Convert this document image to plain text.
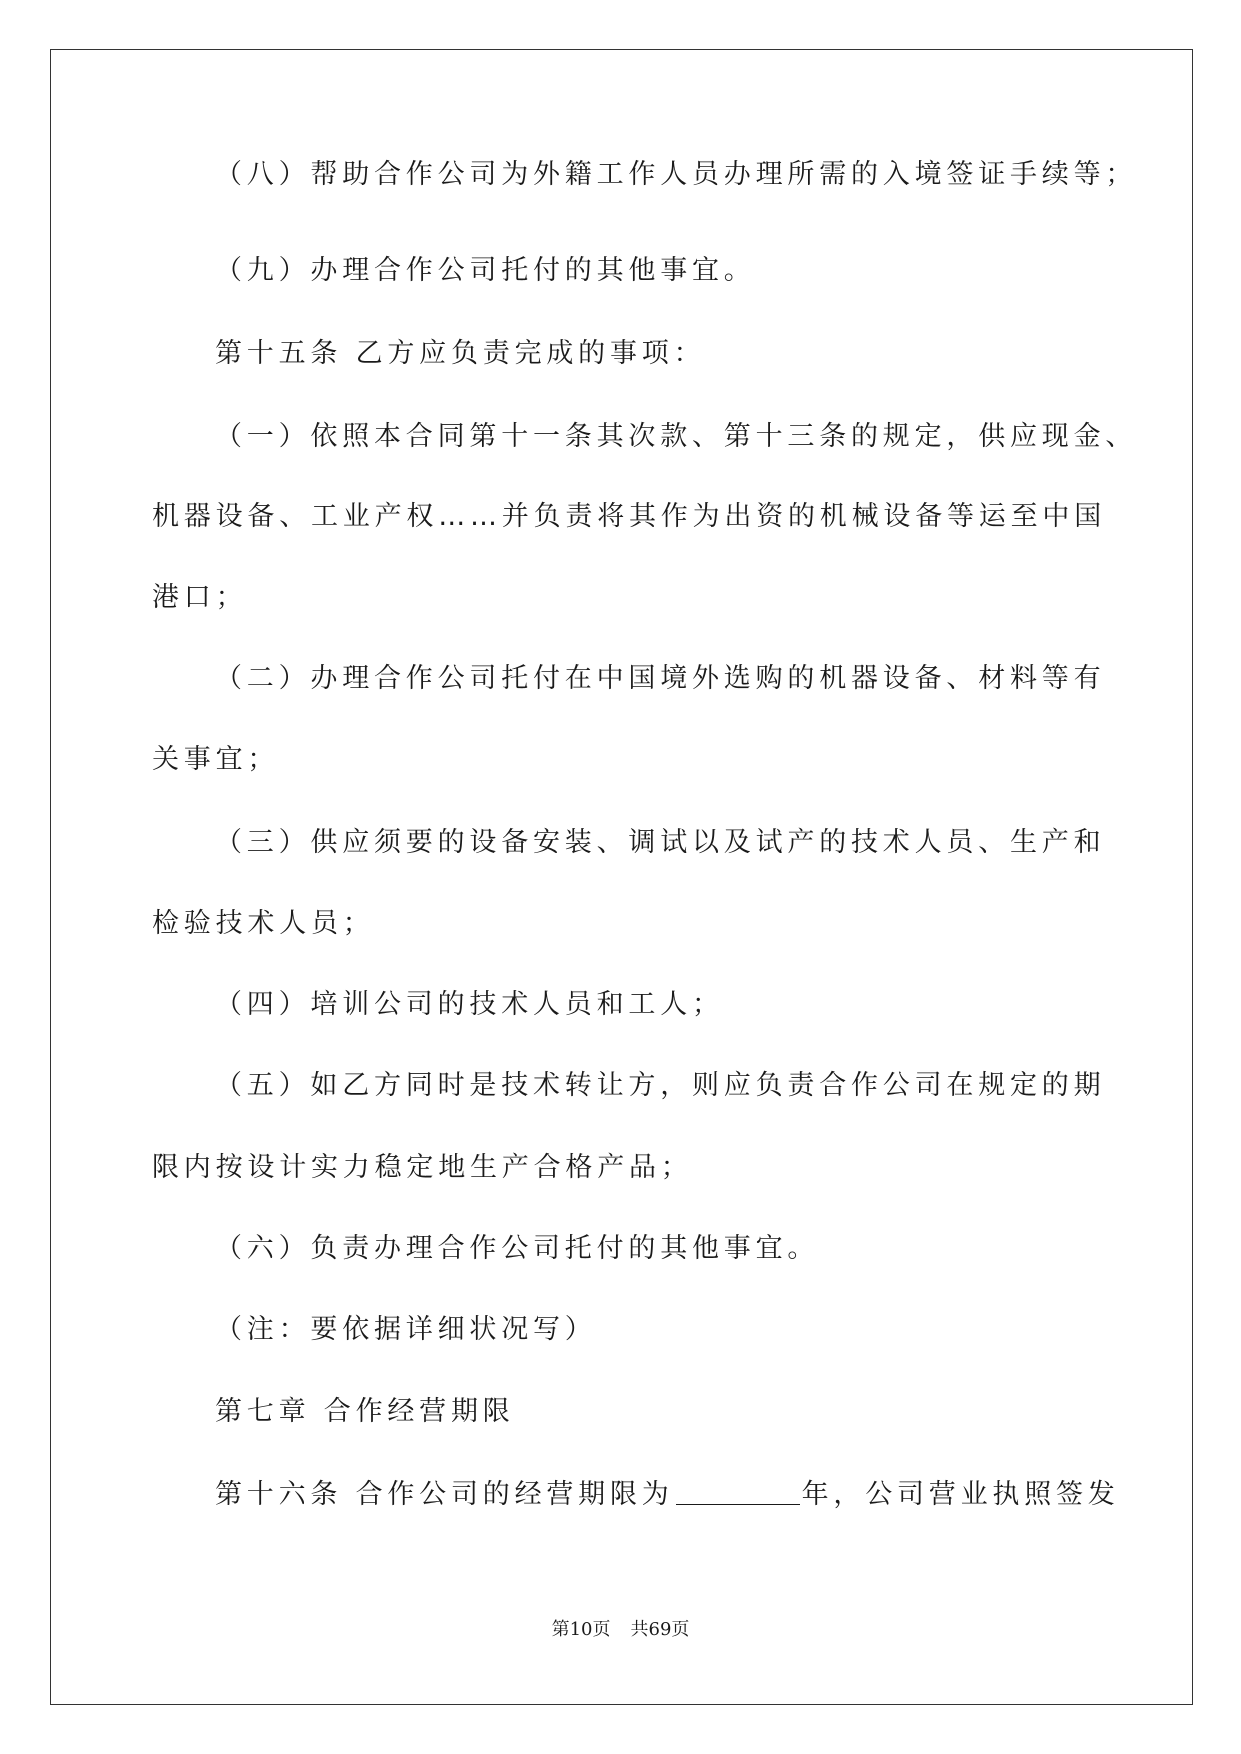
（八）帮助合作公司为外籍工作人员办理所需的入境签证手续等；
（九）办理合作公司托付的其他事宜。
第十五条 乙方应负责完成的事项：
（一）依照本合同第十一条其次款、第十三条的规定，供应现金、
机器设备、工业产权……并负责将其作为出资的机械设备等运至中国
港口；
（二）办理合作公司托付在中国境外选购的机器设备、材料等有
关事宜；
（三）供应须要的设备安装、调试以及试产的技术人员、生产和
检验技术人员；
（四）培训公司的技术人员和工人；
（五）如乙方同时是技术转让方，则应负责合作公司在规定的期
限内按设计实力稳定地生产合格产品；
（六）负责办理合作公司托付的其他事宜。
（注：要依据详细状况写）
第七章 合作经营期限
第十六条 合作公司的经营期限为	年，公司营业执照签发
第10页 共69页
